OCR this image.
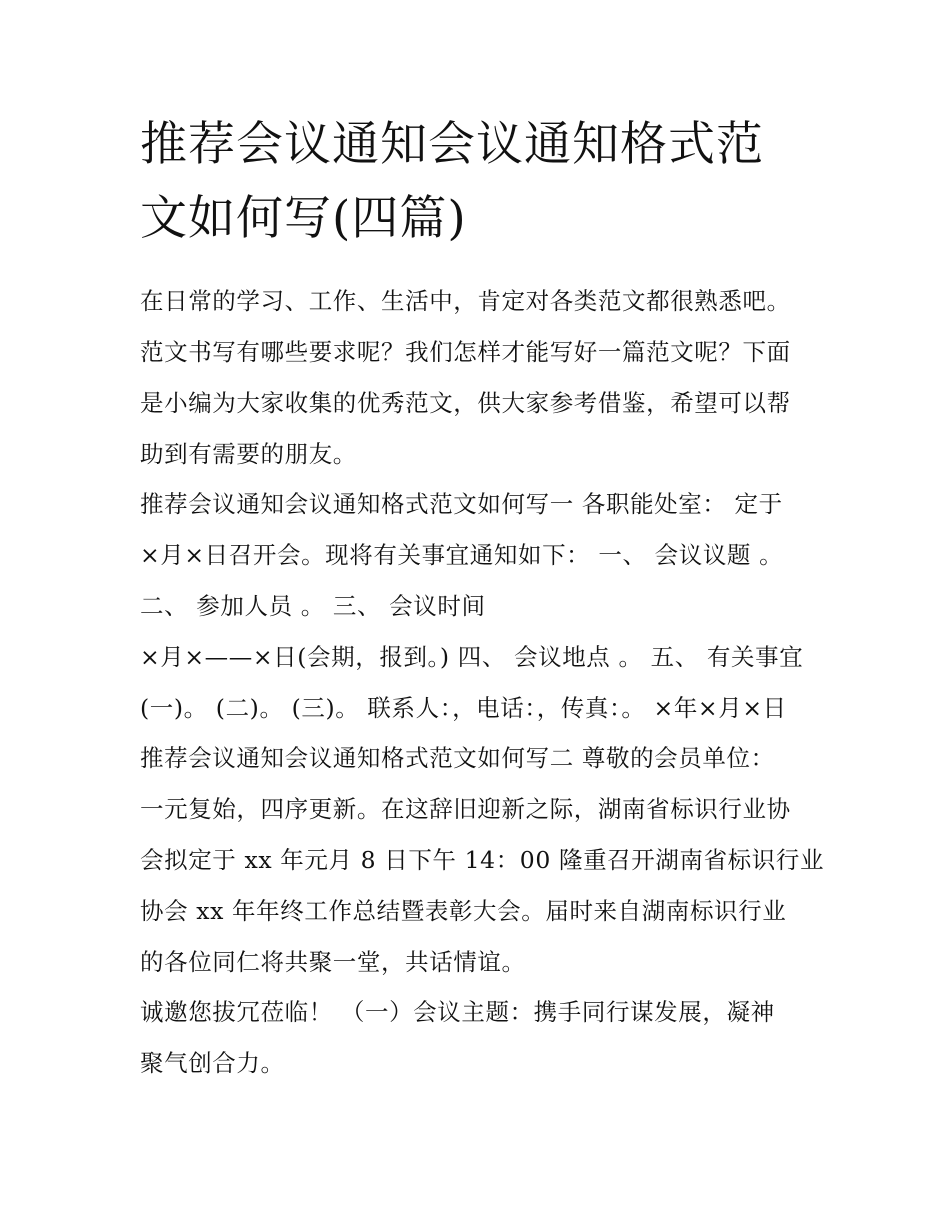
推荐会议通知会议通知格式范
文如何写(四篇)

在日常的学习、工作、生活中，肯定对各类范文都很熟悉吧。

范文书写有哪些要求呢？我们怎样才能写好一篇范文呢？下面

是小编为大家收集的优秀范文，供大家参考借鉴，希望可以帮

助到有需要的朋友。

推荐会议通知会议通知格式范文如何写一 各职能处室： 定于

×月×日召开会。现将有关事宜通知如下： 一、 会议议题 。

二、 参加人员 。 三、 会议时间

×月×——×日(会期，报到。) 四、 会议地点 。 五、 有关事宜

(一)。 (二)。 (三)。 联系人：，电话：，传真：。 ×年×月×日

推荐会议通知会议通知格式范文如何写二 尊敬的会员单位：

一元复始，四序更新。在这辞旧迎新之际，湖南省标识行业协

会拟定于 xx 年元月 8 日下午 14：00 隆重召开湖南省标识行业

协会 xx 年年终工作总结暨表彰大会。届时来自湖南标识行业

的各位同仁将共聚一堂，共话情谊。

诚邀您拔冗莅临！ （一）会议主题：携手同行谋发展，凝神

聚气创合力。
